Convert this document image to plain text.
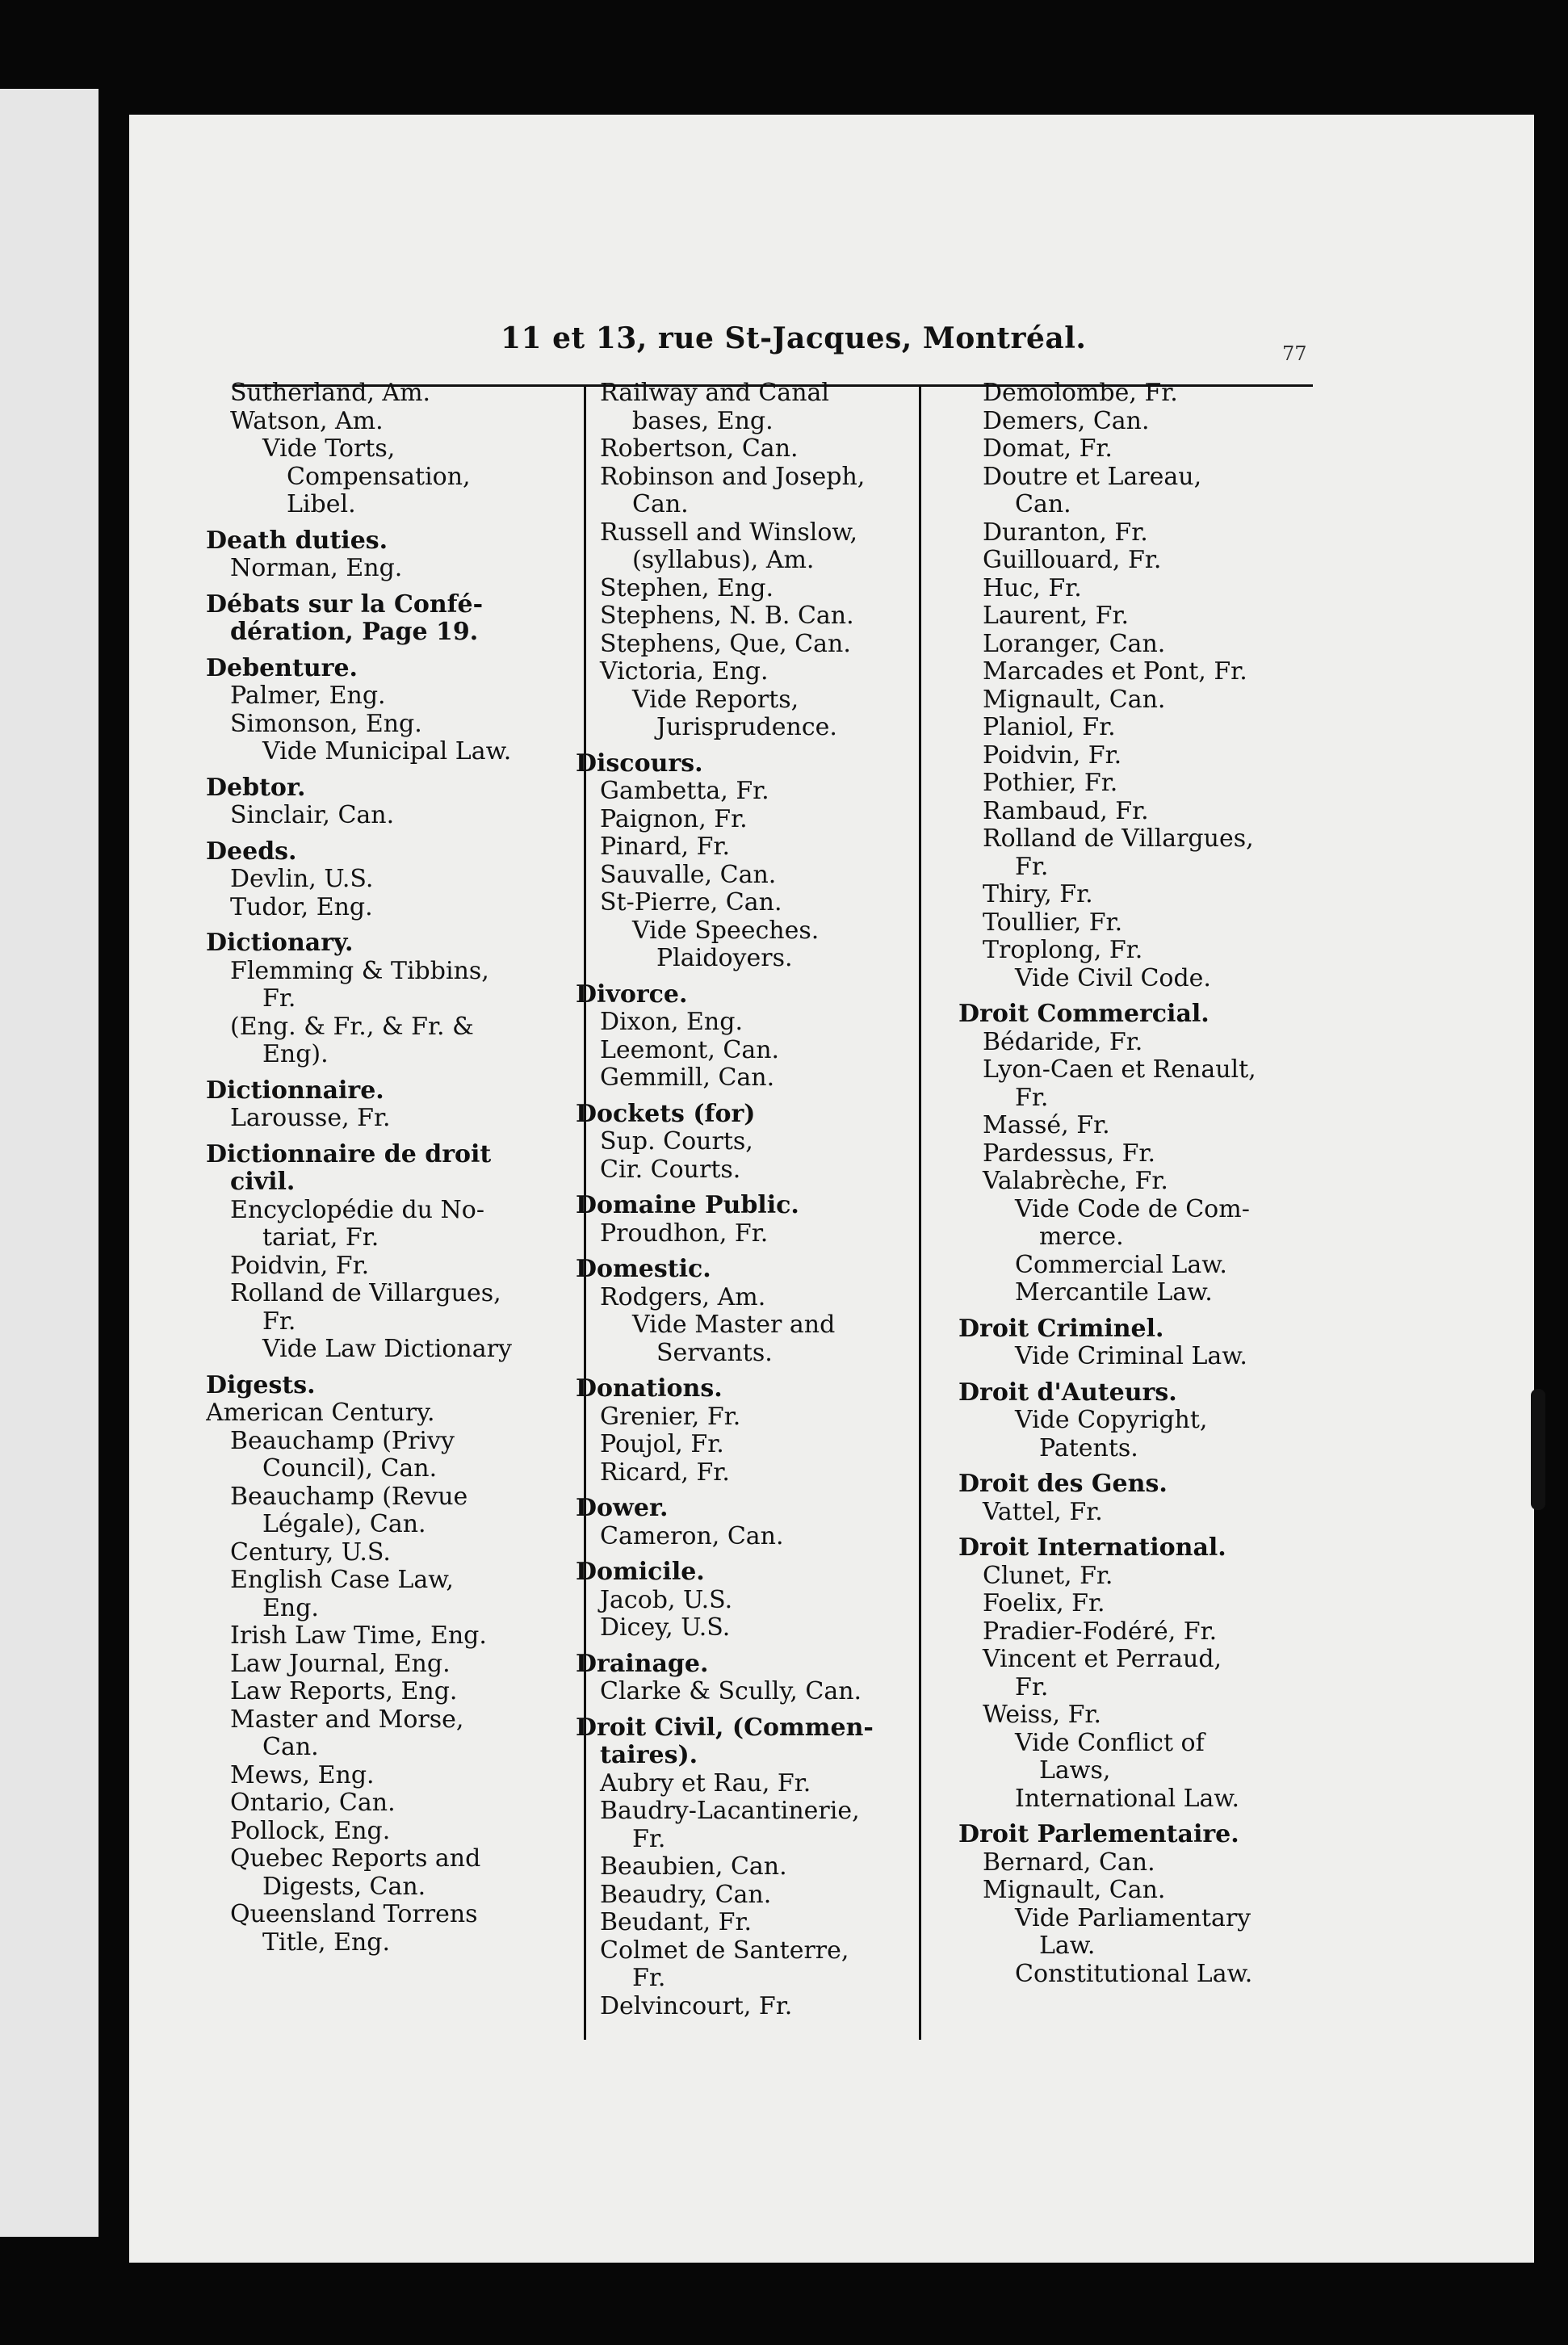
11 et 13, rue St-Jacques, Montréal.	77
Sutherland, Am.
Watson, Am.
Vide Torts,
Compensation,
Libel.
Death duties.
Norman, Eng.
Débats sur la Confé-
dération, Page 19.
Debenture.
Palmer, Eng.
Simonson, Eng.
Vide Municipal Law.
Debtor.
Sinclair, Can.
Deeds.
Devlin, U.S.
Tudor, Eng.
Dictionary.
Flemming & Tibbins,
Fr.
(Eng. & Fr., & Fr. &
Eng).
Dictionnaire.
Larousse, Fr.
Dictionnaire de droit
civil.
Encyclopédie du No-
tariat, Fr.
Poidvin, Fr.
Rolland de Villargues,
Fr.
Vide Law Dictionary
Digests.
American Century.
Beauchamp (Privy
Council), Can.
Beauchamp (Revue
Légale), Can.
Century, U.S.
English Case Law,
Eng.
Irish Law Time, Eng.
Law Journal, Eng.
Law Reports, Eng.
Master and Morse,
Can.
Mews, Eng.
Ontario, Can.
Pollock, Eng.
Quebec Reports and
Digests, Can.
Queensland Torrens
Title, Eng.
Railway and Canal
bases, Eng.
Robertson, Can.
Robinson and Joseph,
Can.
Russell and Winslow,
(syllabus), Am.
Stephen, Eng.
Stephens, N. B. Can.
Stephens, Que, Can.
Victoria, Eng.
Vide Reports,
Jurisprudence.
Discours.
Gambetta, Fr.
Paignon, Fr.
Pinard, Fr.
Sauvalle, Can.
St-Pierre, Can.
Vide Speeches.
Plaidoyers.
Divorce.
Dixon, Eng.
Leemont, Can.
Gemmill, Can.
Dockets (for)
Sup. Courts,
Cir. Courts.
Domaine Public.
Proudhon, Fr.
Domestic.
Rodgers, Am.
Vide Master and
Servants.
Donations.
Grenier, Fr.
Poujol, Fr.
Ricard, Fr.
Dower.
Cameron, Can.
Domicile.
Jacob, U.S.
Dicey, U.S.
Drainage.
Clarke & Scully, Can.
Droit Civil, (Commen-
taires).
Aubry et Rau, Fr.
Baudry-Lacantinerie,
Fr.
Beaubien, Can.
Beaudry, Can.
Beudant, Fr.
Colmet de Santerre,
Fr.
Delvincourt, Fr.
Demolombe, Fr.
Demers, Can.
Domat, Fr.
Doutre et Lareau,
Can.
Duranton, Fr.
Guillouard, Fr.
Huc, Fr.
Laurent, Fr.
Loranger, Can.
Marcades et Pont, Fr.
Mignault, Can.
Planiol, Fr.
Poidvin, Fr.
Pothier, Fr.
Rambaud, Fr.
Rolland de Villargues,
Fr.
Thiry, Fr.
Toullier, Fr.
Troplong, Fr.
Vide Civil Code.
Droit Commercial.
Bédaride, Fr.
Lyon-Caen et Renault,
Fr.
Massé, Fr.
Pardessus, Fr.
Valabrèche, Fr.
Vide Code de Com-
merce.
Commercial Law.
Mercantile Law.
Droit Criminel.
Vide Criminal Law.
Droit d'Auteurs.
Vide Copyright,
Patents.
Droit des Gens.
Vattel, Fr.
Droit International.
Clunet, Fr.
Foelix, Fr.
Pradier-Fodéré, Fr.
Vincent et Perraud,
Fr.
Weiss, Fr.
Vide Conflict of
Laws,
International Law.
Droit Parlementaire.
Bernard, Can.
Mignault, Can.
Vide Parliamentary
Law.
Constitutional Law.
